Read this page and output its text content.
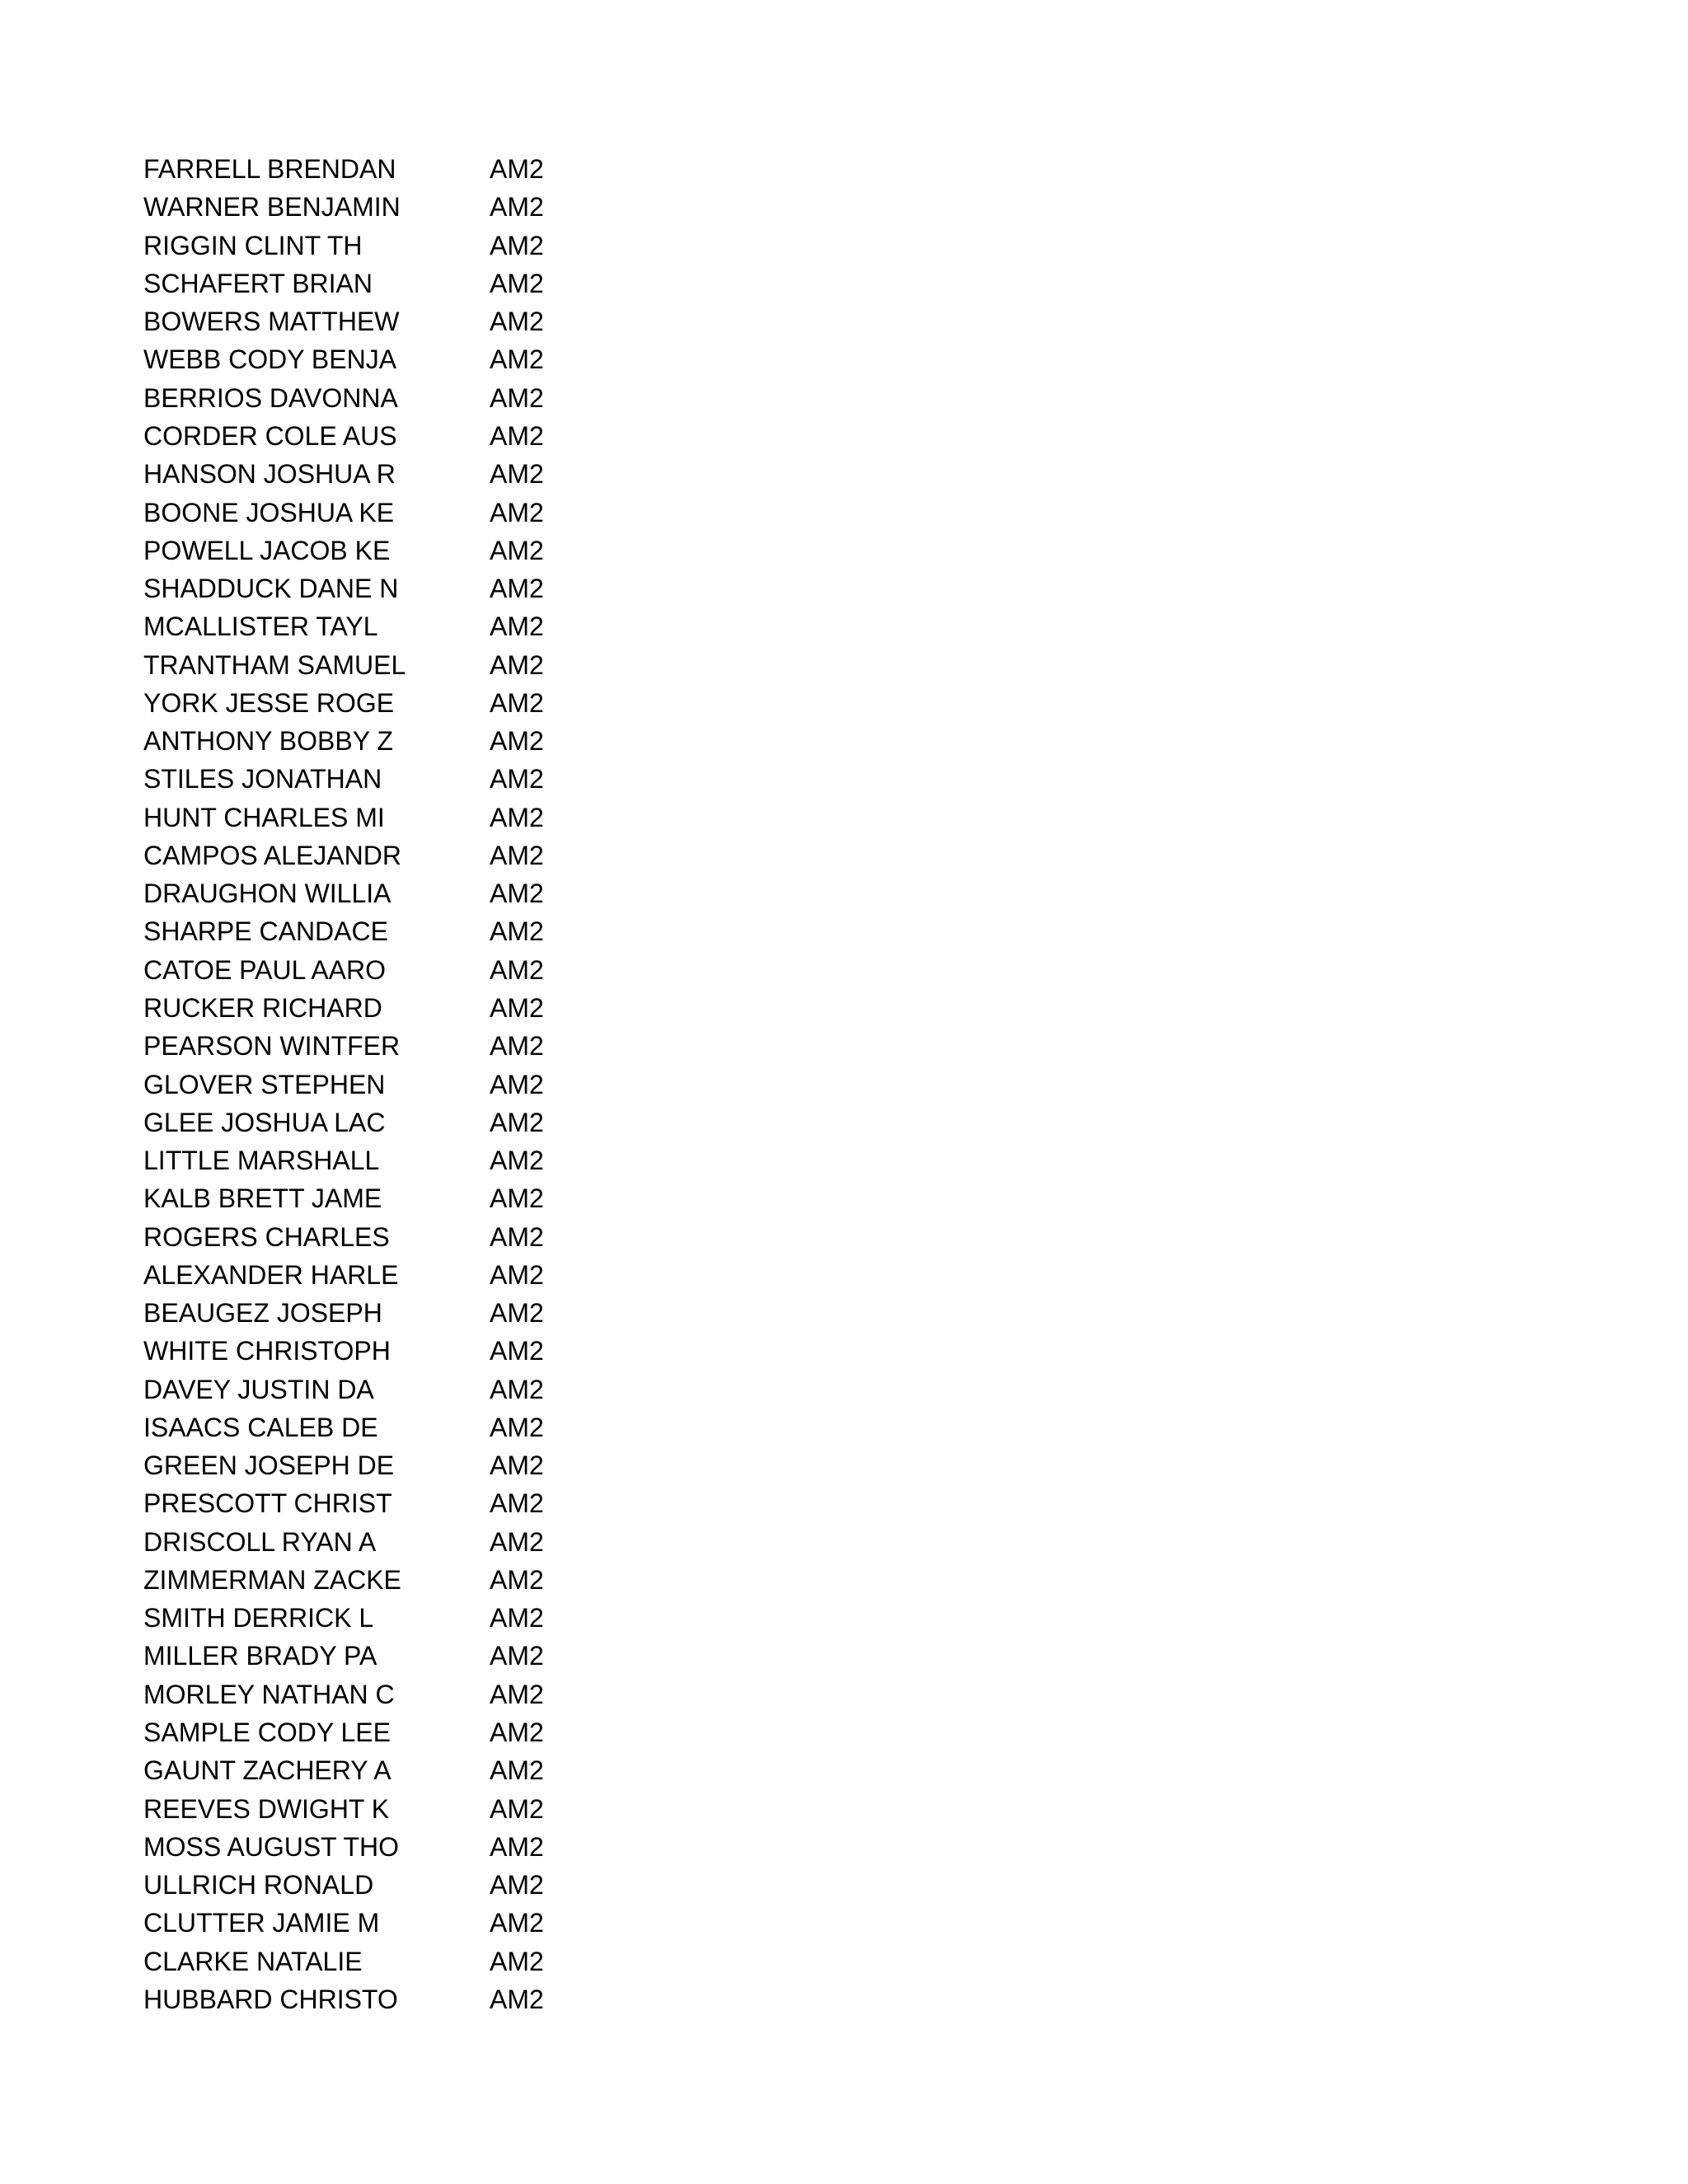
FARRELL BRENDAN	AM2
WARNER BENJAMIN	AM2
RIGGIN CLINT TH	AM2
SCHAFERT BRIAN	AM2
BOWERS MATTHEW	AM2
WEBB CODY BENJA	AM2
BERRIOS DAVONNA	AM2
CORDER COLE AUS	AM2
HANSON JOSHUA R	AM2
BOONE JOSHUA KE	AM2
POWELL JACOB KE	AM2
SHADDUCK DANE N	AM2
MCALLISTER TAYL	AM2
TRANTHAM SAMUEL	AM2
YORK JESSE ROGE	AM2
ANTHONY BOBBY Z	AM2
STILES JONATHAN	AM2
HUNT CHARLES MI	AM2
CAMPOS ALEJANDR	AM2
DRAUGHON WILLIA	AM2
SHARPE CANDACE	AM2
CATOE PAUL AARO	AM2
RUCKER RICHARD	AM2
PEARSON WINTFER	AM2
GLOVER STEPHEN	AM2
GLEE JOSHUA LAC	AM2
LITTLE MARSHALL	AM2
KALB BRETT JAME	AM2
ROGERS CHARLES	AM2
ALEXANDER HARLE	AM2
BEAUGEZ JOSEPH	AM2
WHITE CHRISTOPH	AM2
DAVEY JUSTIN DA	AM2
ISAACS CALEB DE	AM2
GREEN JOSEPH DE	AM2
PRESCOTT CHRIST	AM2
DRISCOLL RYAN A	AM2
ZIMMERMAN ZACKE	AM2
SMITH DERRICK L	AM2
MILLER BRADY PA	AM2
MORLEY NATHAN C	AM2
SAMPLE CODY LEE	AM2
GAUNT ZACHERY A	AM2
REEVES DWIGHT K	AM2
MOSS AUGUST THO	AM2
ULLRICH RONALD	AM2
CLUTTER JAMIE M	AM2
CLARKE NATALIE	AM2
HUBBARD CHRISTO	AM2
